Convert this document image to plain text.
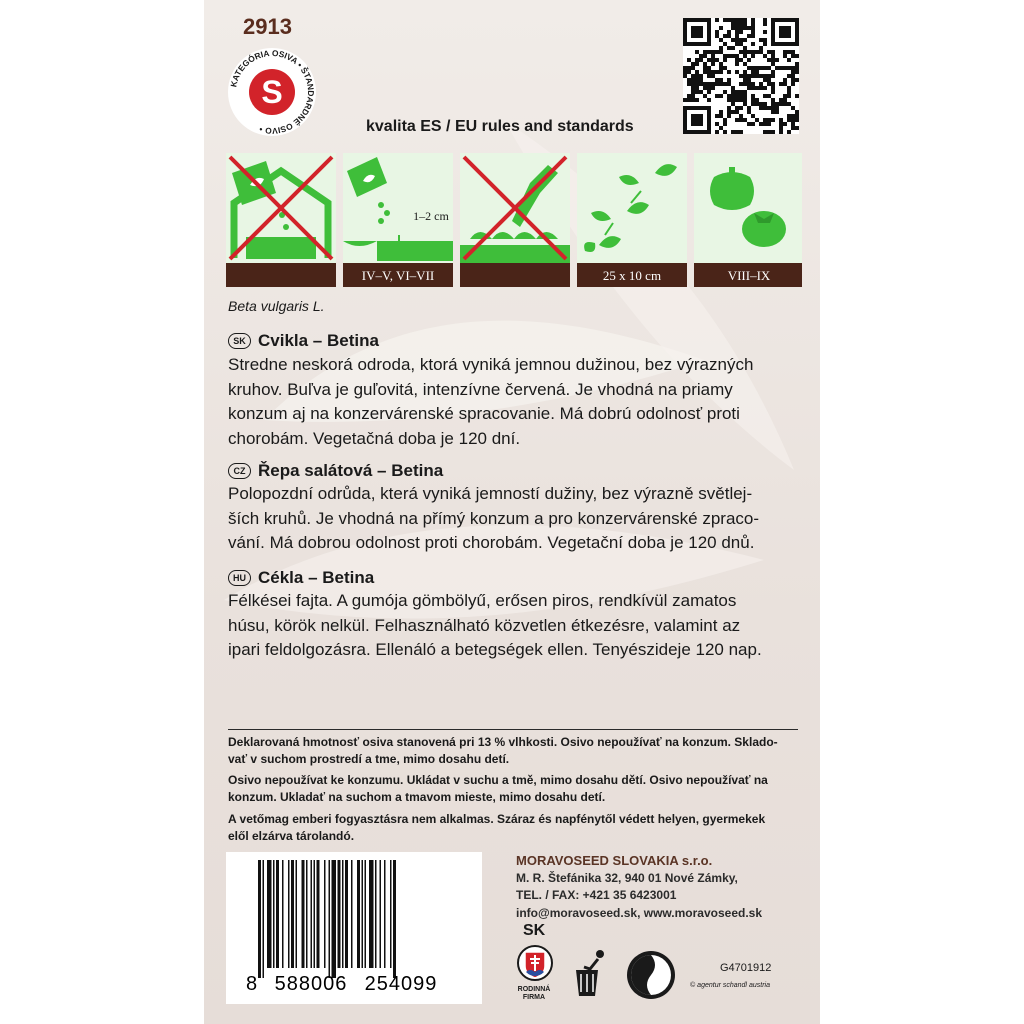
2913
KATEGÓRIA OSIVA • ŠTANDARDNÉ OSIVO •
S
kvalita ES / EU rules and standards
IV–V, VI–VII
1–2 cm
25 x 10 cm	VIII–IX
Beta vulgaris L.
SK Cvikla – Betina
Stredne neskorá odroda, ktorá vyniká jemnou dužinou, bez výrazných
kruhov. Buľva je guľovitá, intenzívne červená. Je vhodná na priamy
konzum aj na konzervárenské spracovanie. Má dobrú odolnosť proti
chorobám. Vegetačná doba je 120 dní.
CZ Řepa salátová – Betina
Polopozdní odrůda, která vyniká jemností dužiny, bez výrazně světlej-
ších kruhů. Je vhodná na přímý konzum a pro konzervárenské zpraco-
vání. Má dobrou odolnost proti chorobám. Vegetační doba je 120 dnů.
HU Cékla – Betina
Félkései fajta. A gumója gömbölyű, erősen piros, rendkívül zamatos
húsu, körök nelkül. Felhasználható közvetlen étkezésre, valamint az
ipari feldolgozásra. Ellenáló a betegségek ellen. Tenyészideje 120 nap.
Deklarovaná hmotnosť osiva stanovená pri 13 % vlhkosti. Osivo nepoužívať na konzum. Sklado-
vať v suchom prostredí a tme, mimo dosahu detí.
Osivo nepoužívat ke konzumu. Ukládat v suchu a tmě, mimo dosahu dětí. Osivo nepoužívať na
konzum. Ukladať na suchom a tmavom mieste, mimo dosahu detí.
A vetőmag emberi fogyasztásra nem alkalmas. Száraz és napfénytől védett helyen, gyermekek
elől elzárva tárolandó.
8 588006 254099
MORAVOSEED SLOVAKIA s.r.o.
M. R. Štefánika 32, 940 01 Nové Zámky,
TEL. / FAX: +421 35 6423001
info@moravoseed.sk, www.moravoseed.sk
SK
RODINNÁ
FIRMA
G4701912
© agentur schandl austria
